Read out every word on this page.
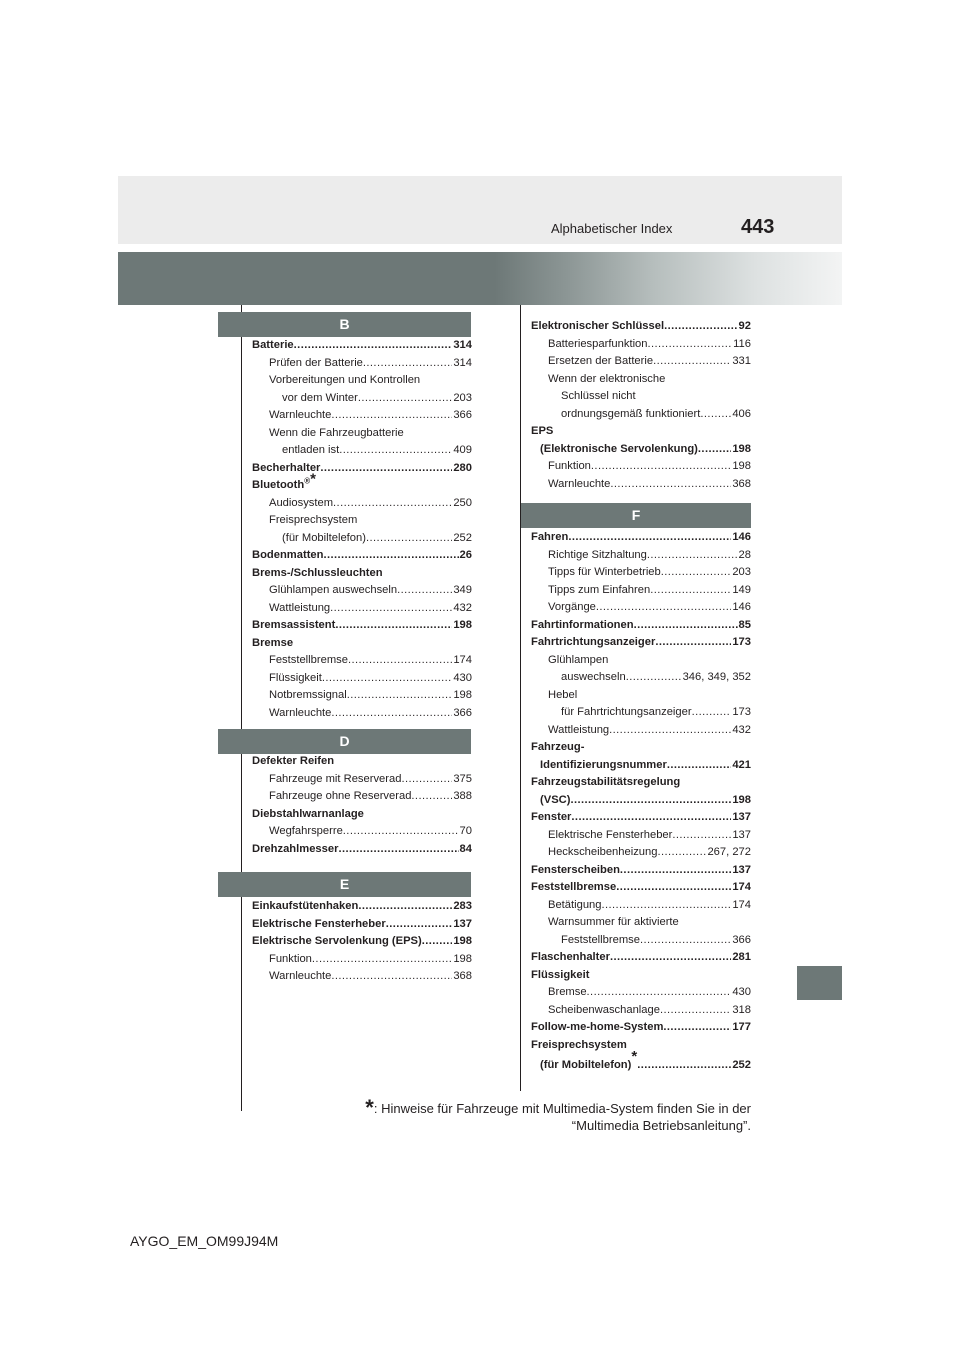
Alphabetischer Index	443
B
D
E
F
Batterie .....	314
Prüfen der Batterie .....	314
Vorbereitungen und Kontrollen
vor dem Winter .....	203
Warnleuchte .....	366
Wenn die Fahrzeugbatterie
entladen ist .....	409
Becherhalter .....	280
Bluetooth®*
Audiosystem .....	250
Freisprechsystem
(für Mobiltelefon) .....	252
Bodenmatten .....	26
Brems-/Schlussleuchten
Glühlampen auswechseln .....	349
Wattleistung .....	432
Bremsassistent .....	198
Bremse
Feststellbremse .....	174
Flüssigkeit .....	430
Notbremssignal .....	198
Warnleuchte .....	366
Defekter Reifen
Fahrzeuge mit Reserverad .....	375
Fahrzeuge ohne Reserverad .....	388
Diebstahlwarnanlage
Wegfahrsperre .....	70
Drehzahlmesser .....	84
Einkaufstütenhaken .....	283
Elektrische Fensterheber .....	137
Elektrische Servolenkung (EPS) .....	198
Funktion .....	198
Warnleuchte .....	368
Elektronischer Schlüssel .....	92
Batteriesparfunktion .....	116
Ersetzen der Batterie .....	331
Wenn der elektronische
Schlüssel nicht
ordnungsgemäß funktioniert .....	406
EPS
(Elektronische Servolenkung) .....	198
Funktion .....	198
Warnleuchte .....	368
Fahren .....	146
Richtige Sitzhaltung .....	28
Tipps für Winterbetrieb .....	203
Tipps zum Einfahren .....	149
Vorgänge .....	146
Fahrtinformationen .....	85
Fahrtrichtungsanzeiger .....	173
Glühlampen
auswechseln .....	346, 349, 352
Hebel
für Fahrtrichtungsanzeiger .....	173
Wattleistung .....	432
Fahrzeug-
Identifizierungsnummer .....	421
Fahrzeugstabilitätsregelung
(VSC) .....	198
Fenster .....	137
Elektrische Fensterheber .....	137
Heckscheibenheizung .....	267, 272
Fensterscheiben .....	137
Feststellbremse .....	174
Betätigung .....	174
Warnsummer für aktivierte
Feststellbremse .....	366
Flaschenhalter .....	281
Flüssigkeit
Bremse .....	430
Scheibenwaschanlage .....	318
Follow-me-home-System .....	177
Freisprechsystem
(für Mobiltelefon) * .....	252
*: Hinweise für Fahrzeuge mit Multimedia-System finden Sie in der
“Multimedia Betriebsanleitung”.
AYGO_EM_OM99J94M
